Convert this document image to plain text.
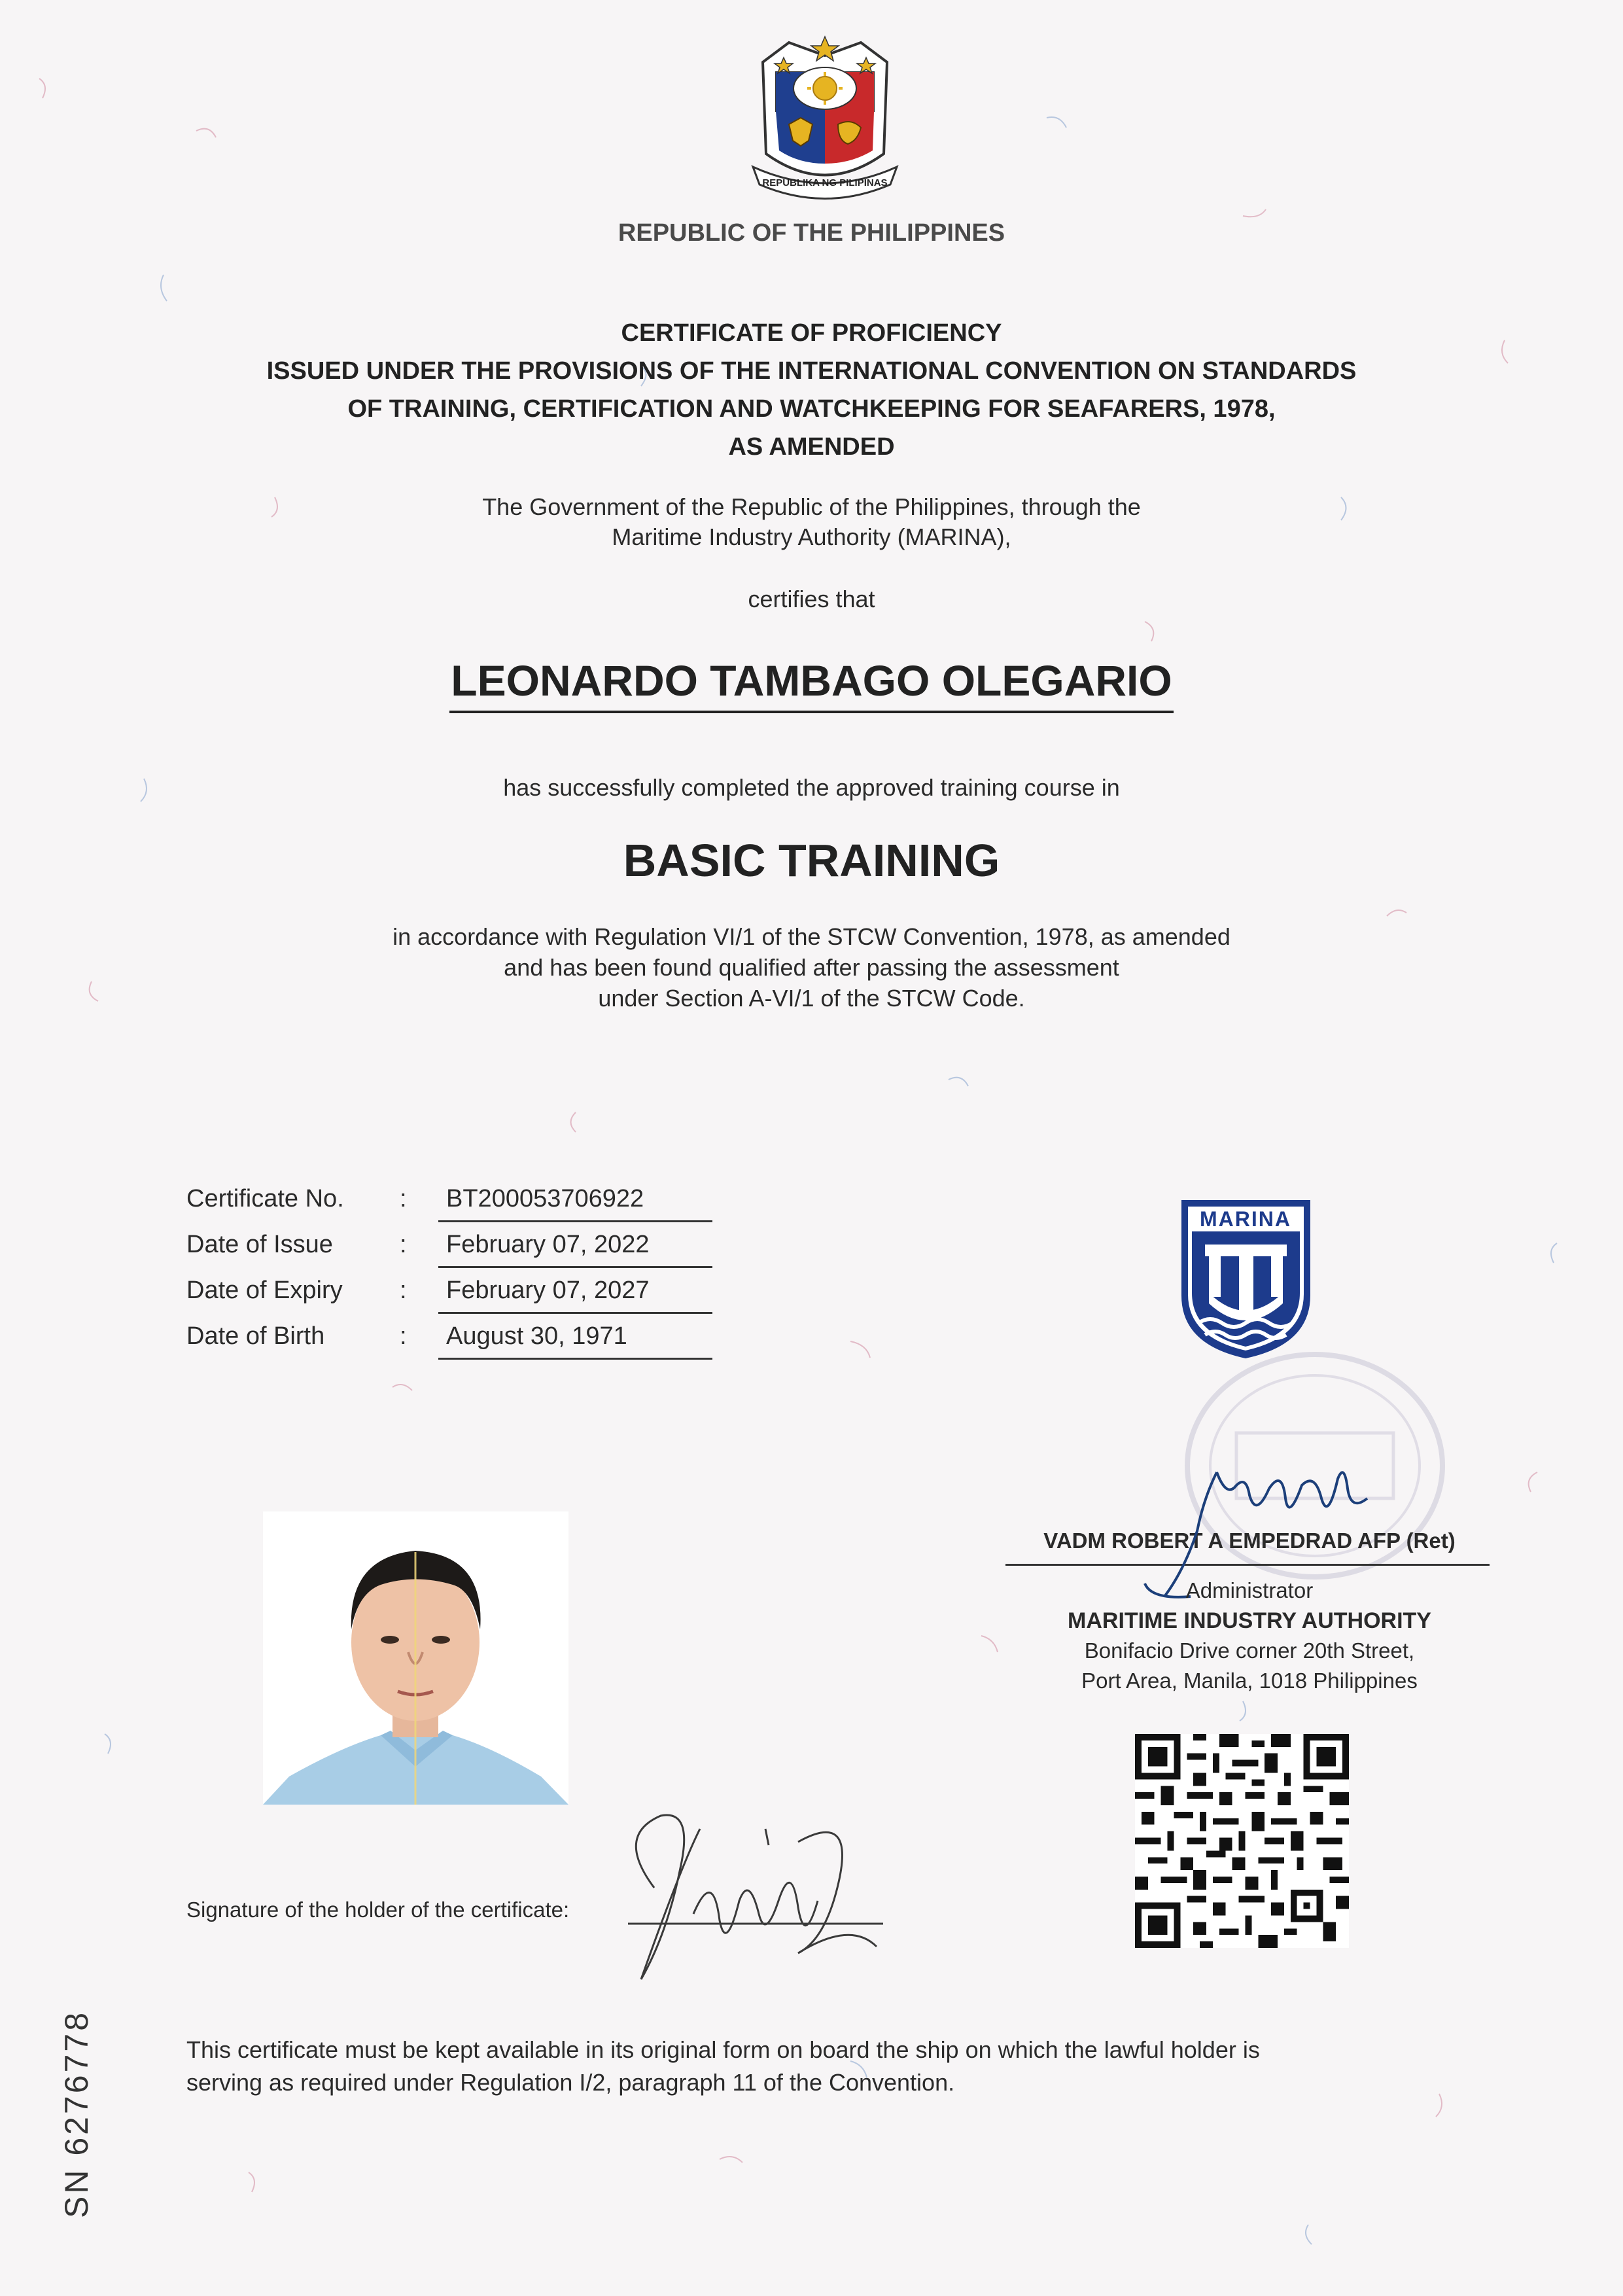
REPUBLIKA NG PILIPINAS
REPUBLIC OF THE PHILIPPINES
CERTIFICATE OF PROFICIENCY
ISSUED UNDER THE PROVISIONS OF THE INTERNATIONAL CONVENTION ON STANDARDS
OF TRAINING, CERTIFICATION AND WATCHKEEPING FOR SEAFARERS, 1978,
AS AMENDED
The Government of the Republic of the Philippines, through the
Maritime Industry Authority (MARINA),
certifies that
LEONARDO TAMBAGO OLEGARIO
has successfully completed the approved training course in
BASIC TRAINING
in accordance with Regulation VI/1 of the STCW Convention, 1978, as amended
and has been found qualified after passing the assessment
under Section A-VI/1 of the STCW Code.
Certificate No. :	BT200053706922
Date of Issue	:	February 07, 2022
Date of Expiry :	February 07, 2027
Date of Birth	:	August 30, 1971
MARINA
Signature of the holder of the certificate:
VADM ROBERT A EMPEDRAD AFP (Ret)
Administrator
MARITIME INDUSTRY AUTHORITY
Bonifacio Drive corner 20th Street,
Port Area, Manila, 1018 Philippines
This certificate must be kept available in its original form on board the ship on which the lawful holder is
serving as required under Regulation I/2, paragraph 11 of the Convention.
SN 6276778
